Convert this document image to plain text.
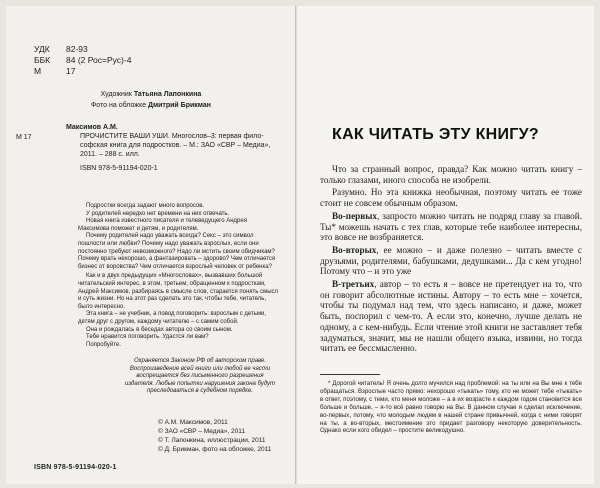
УДК	82-93
ББК	84 (2 Рос=Рус)-4
М	17
Художник Татьяна Лапонкина
Фото на обложке Дмитрий Брикман
М 17
Максимов А.М.
ПРОЧИСТИТЕ ВАШИ УШИ. Многослов–3: первая фило-
софская книга для подростков. – М.: ЗАО «СВР – Медиа»,
2011. – 288 с. илл.
ISBN 978-5-91194-020-1

Подростки всегда задают много вопросов.

У родителей нередко нет времени на них отвечать.

Новая книга известного писателя и телеведущего Андрея Максимова поможет и детям, и родителям.

Почему родителей надо уважать всегда? Секс – это символ пошлости или любви? Почему надо уважать взрослых, если они постоянно требуют невозможного? Надо ли мстить своим обидчикам? Почему врать нехорошо, а фантазировать – здорово? Чем отличается бизнес от воровства? Чем отличается взрослый человек от ребенка?

Как и в двух предыдущих «Многословах», вызвавших большой читательский интерес, в этом, третьем, обращенном к подросткам, Андрей Максимов, разбираясь в смысле слов, старается понять смысл и суть жизни. Но на этот раз сделать это так, чтобы тебе, читатель, было интересно.

Эта книга – не учебник, а повод поговорить: взрослым с детьми, детям друг с другом, каждому читателю – с самим собой.

Она и рождалась в беседах автора со своим сыном.

Тебе нравится поговорить. Удастся ли вам?

Попробуйте.

Охраняется Законом РФ об авторском праве. Воспроизведение всей книги или любой ее части воспрещается без письменного разрешения издателя. Любые попытки нарушения закона будут преследоваться в судебном порядке.
© А.М. Максимов, 2011
© ЗАО «СВР – Медиа», 2011
© Т. Лапонкина, иллюстрации, 2011
© Д. Брикман, фото на обложке, 2011
ISBN 978-5-91194-020-1
КАК ЧИТАТЬ ЭТУ КНИГУ?

Что за странный вопрос, правда? Как можно читать книгу – только глазами, иного способа не изобрели.

Разумно. Но эта книжка необычная, поэтому читать ее тоже стоит не совсем обычным образом.

Во-первых, запросто можно читать не подряд главу за главой. Ты* можешь начать с тех глав, которые тебе наиболее интересны, это вовсе не возбраняется.

Во-вторых, ее можно – и даже полезно – читать вместе с друзьями, родителями, бабушками, дедушками... Да с кем угодно! Потому что – и это уже

В-третьих, автор – то есть я – вовсе не претендует на то, что он говорит абсолютные истины. Автору – то есть мне – хочется, чтобы ты подумал над тем, что здесь написано, и даже, может быть, поспорил с чем-то. А если это, конечно, лучше делать не одному, а с кем-нибудь. Если чтение этой книги не заставляет тебя задуматься, значит, мы не нашли общего языка, извини, но тогда читать ее бессмысленно.

* Дорогой читатель! Я очень долго мучился над проблемой: на ты или на Вы мне к тебе обращаться. Взрослые часто прямо: нехорошо «тыкать» тому, кто не может тебе «тыкать» в ответ, поэтому, с теми, кто меня моложе – а в их возрасте к каждом годом становится все больше и больше, – я-то всё равно говорю на Вы. В данном случае я сделал исключение, во-первых, потому, что молодым людям в нашей стране привычней, когда с ними говорят на ты, а во-вторых, местоимение это придает разговору некоторую доверительность. Однако если кого обидел – простите великодушно.
